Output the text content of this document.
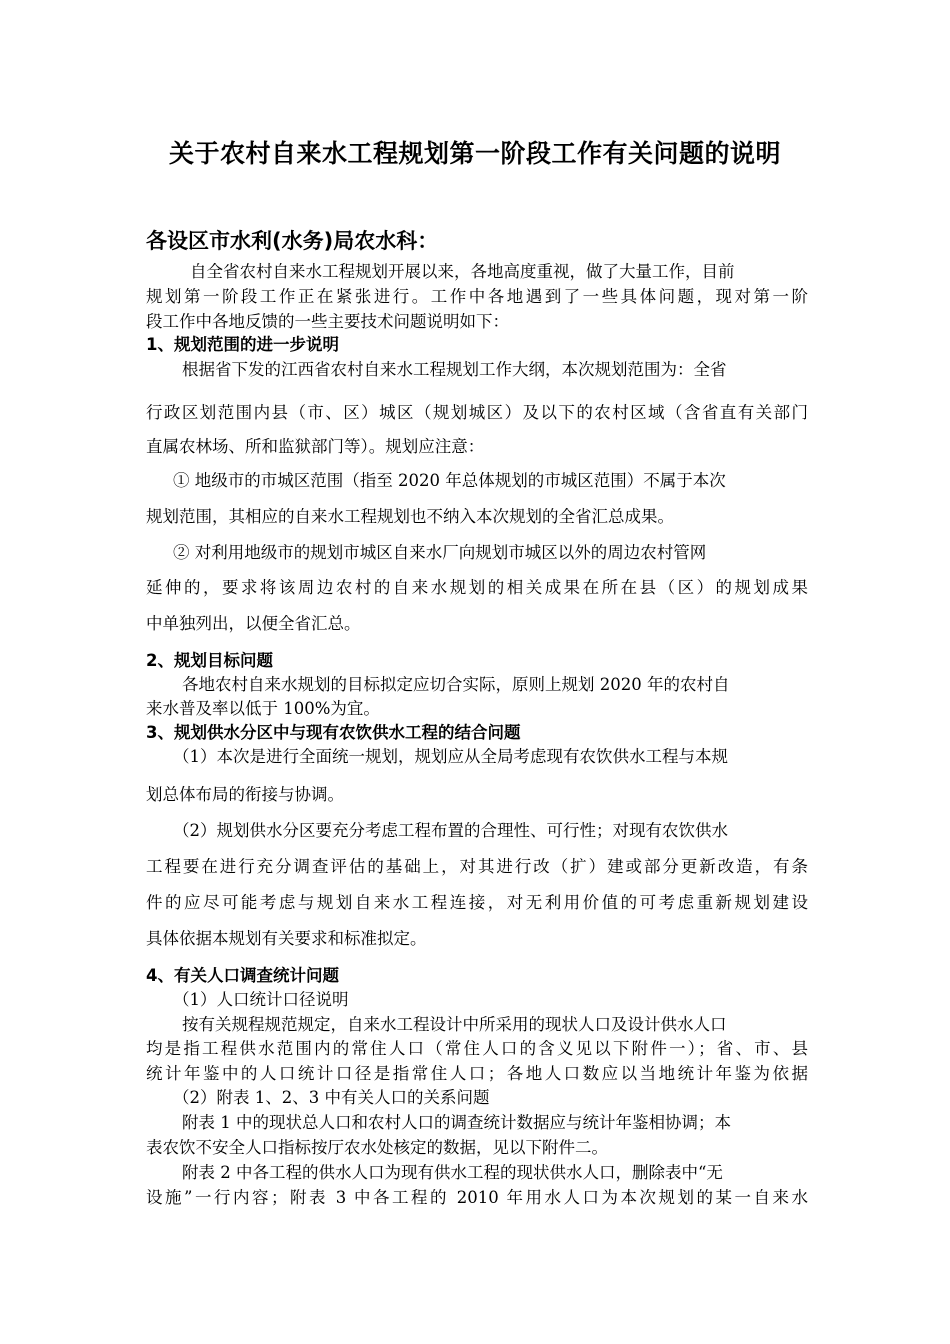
关于农村自来水工程规划第一阶段工作有关问题的说明
各设区市水利(水务)局农水科：
自全省农村自来水工程规划开展以来，各地高度重视，做了大量工作，目前
规划第一阶段工作正在紧张进行。工作中各地遇到了一些具体问题，现对第一阶
段工作中各地反馈的一些主要技术问题说明如下：
1、规划范围的进一步说明
根据省下发的江西省农村自来水工程规划工作大纲，本次规划范围为：全省
行政区划范围内县（市、区）城区（规划城区）及以下的农村区域（含省直有关部门
直属农林场、所和监狱部门等）。规划应注意：
① 地级市的市城区范围（指至 2020 年总体规划的市城区范围）不属于本次
规划范围，其相应的自来水工程规划也不纳入本次规划的全省汇总成果。
② 对利用地级市的规划市城区自来水厂向规划市城区以外的周边农村管网
延伸的，要求将该周边农村的自来水规划的相关成果在所在县（区）的规划成果
中单独列出，以便全省汇总。
2、规划目标问题
各地农村自来水规划的目标拟定应切合实际，原则上规划 2020 年的农村自
来水普及率以低于 100%为宜。
3、规划供水分区中与现有农饮供水工程的结合问题
（1）本次是进行全面统一规划，规划应从全局考虑现有农饮供水工程与本规
划总体布局的衔接与协调。
（2）规划供水分区要充分考虑工程布置的合理性、可行性；对现有农饮供水
工程要在进行充分调查评估的基础上，对其进行改（扩）建或部分更新改造，有条
件的应尽可能考虑与规划自来水工程连接，对无利用价值的可考虑重新规划建设
具体依据本规划有关要求和标准拟定。
4、有关人口调查统计问题
（1）人口统计口径说明
按有关规程规范规定，自来水工程设计中所采用的现状人口及设计供水人口
均是指工程供水范围内的常住人口（常住人口的含义见以下附件一）；省、市、县
统计年鉴中的人口统计口径是指常住人口；各地人口数应以当地统计年鉴为依据
（2）附表 1、2、3 中有关人口的关系问题
附表 1 中的现状总人口和农村人口的调查统计数据应与统计年鉴相协调；本
表农饮不安全人口指标按厅农水处核定的数据，见以下附件二。
附表 2 中各工程的供水人口为现有供水工程的现状供水人口，删除表中“无
设施”一行内容；附表 3 中各工程的 2010 年用水人口为本次规划的某一自来水
